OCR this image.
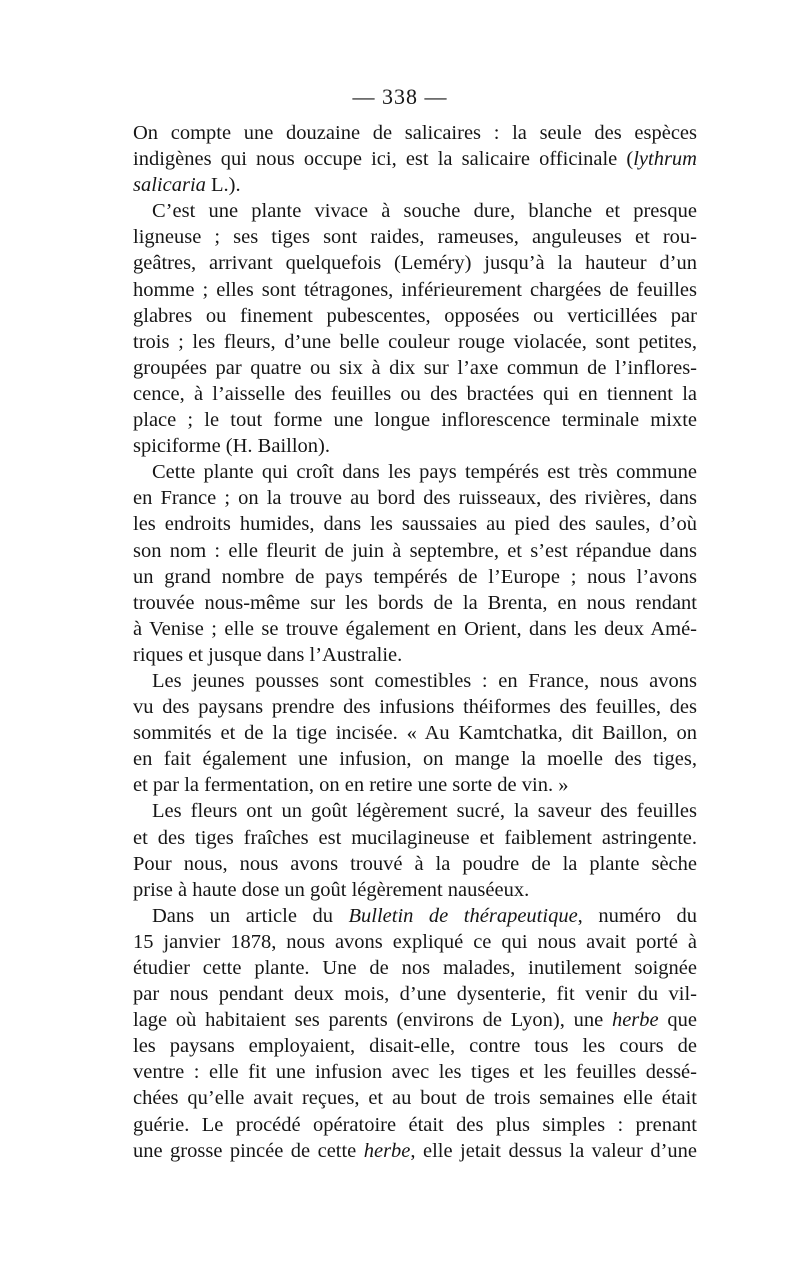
— 338 —
On compte une douzaine de salicaires : la seule des espèces
indigènes qui nous occupe ici, est la salicaire officinale (lythrum
salicaria L.).
C’est une plante vivace à souche dure, blanche et presque
ligneuse ; ses tiges sont raides, rameuses, anguleuses et rou-
geâtres, arrivant quelquefois (Leméry) jusqu’à la hauteur d’un
homme ; elles sont tétragones, inférieurement chargées de feuilles
glabres ou finement pubescentes, opposées ou verticillées par
trois ; les fleurs, d’une belle couleur rouge violacée, sont petites,
groupées par quatre ou six à dix sur l’axe commun de l’inflores-
cence, à l’aisselle des feuilles ou des bractées qui en tiennent la
place ; le tout forme une longue inflorescence terminale mixte
spiciforme (H. Baillon).
Cette plante qui croît dans les pays tempérés est très commune
en France ; on la trouve au bord des ruisseaux, des rivières, dans
les endroits humides, dans les saussaies au pied des saules, d’où
son nom : elle fleurit de juin à septembre, et s’est répandue dans
un grand nombre de pays tempérés de l’Europe ; nous l’avons
trouvée nous-même sur les bords de la Brenta, en nous rendant
à Venise ; elle se trouve également en Orient, dans les deux Amé-
riques et jusque dans l’Australie.
Les jeunes pousses sont comestibles : en France, nous avons
vu des paysans prendre des infusions théiformes des feuilles, des
sommités et de la tige incisée. « Au Kamtchatka, dit Baillon, on
en fait également une infusion, on mange la moelle des tiges,
et par la fermentation, on en retire une sorte de vin. »
Les fleurs ont un goût légèrement sucré, la saveur des feuilles
et des tiges fraîches est mucilagineuse et faiblement astringente.
Pour nous, nous avons trouvé à la poudre de la plante sèche
prise à haute dose un goût légèrement nauséeux.
Dans un article du Bulletin de thérapeutique, numéro du
15 janvier 1878, nous avons expliqué ce qui nous avait porté à
étudier cette plante. Une de nos malades, inutilement soignée
par nous pendant deux mois, d’une dysenterie, fit venir du vil-
lage où habitaient ses parents (environs de Lyon), une herbe que
les paysans employaient, disait-elle, contre tous les cours de
ventre : elle fit une infusion avec les tiges et les feuilles dessé-
chées qu’elle avait reçues, et au bout de trois semaines elle était
guérie. Le procédé opératoire était des plus simples : prenant
une grosse pincée de cette herbe, elle jetait dessus la valeur d’une
